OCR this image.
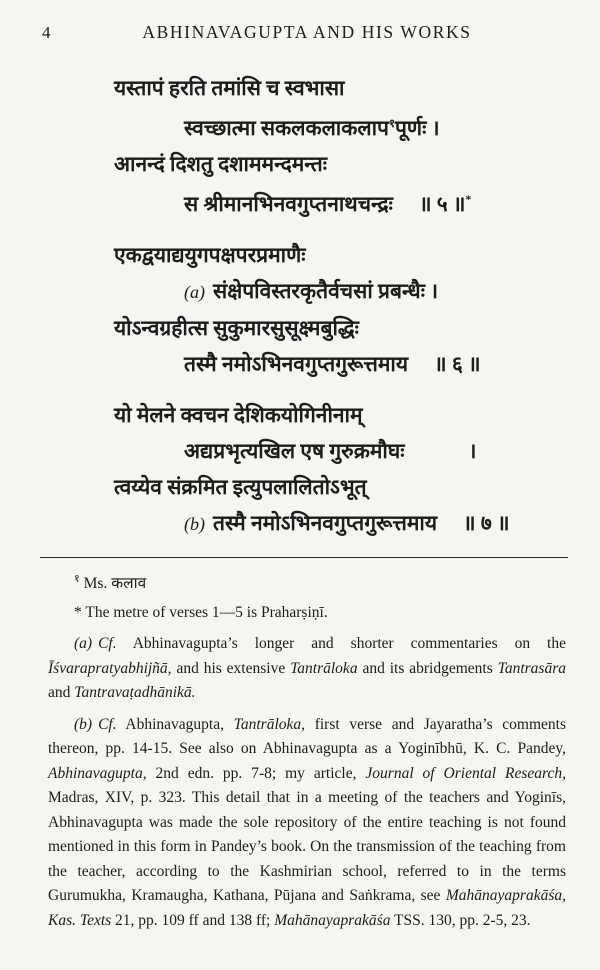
4	ABHINAVAGUPTA AND HIS WORKS
यस्तापं हरति तमांसि च स्वभासा
स्वच्छात्मा सकलकलाकलाप$^१$पूर्णः ।
आनन्दं दिशतु दशाममन्दमन्तः
स श्रीमानभिनवगुप्तनाथचन्द्रः ॥ ५ ॥*
एकद्वयाद्ययुगपक्षपरप्रमाणैः
(a) संक्षेपविस्तरकृतैर्वचसां प्रबन्धैः ।
योऽन्वग्रहीत्स सुकुमारसुसूक्ष्मबुद्धिः
तस्मै नमोऽभिनवगुप्तगुरूत्तमाय ॥ ६ ॥
यो मेलने क्वचन देशिकयोगिनीनाम्
अद्यप्रभृत्यखिल एष गुरुक्रमौघः	।
त्वय्येव संक्रमित इत्युपलालितोऽभूत्
(b) तस्मै नमोऽभिनवगुप्तगुरूत्तमाय ॥ ७ ॥
$^१$ Ms. कलाव
* The metre of verses 1—5 is Praharṣiṇī.
(a) Cf. Abhinavagupta’s longer and shorter commentaries on the Īśvarapratyabhijñā, and his extensive Tantrāloka and its abridgements Tantrasāra and Tantravaṭadhānikā.
(b) Cf. Abhinavagupta, Tantrāloka, first verse and Jayaratha’s comments thereon, pp. 14-15. See also on Abhinavagupta as a Yoginībhū, K. C. Pandey, Abhinavagupta, 2nd edn. pp. 7-8; my article, Journal of Oriental Research, Madras, XIV, p. 323. This detail that in a meeting of the teachers and Yoginīs, Abhinavagupta was made the sole repository of the entire teaching is not found mentioned in this form in Pandey’s book. On the transmission of the teaching from the teacher, according to the Kashmirian school, referred to in the terms Gurumukha, Kramaugha, Kathana, Pūjana and Saṅkrama, see Mahānayaprakāśa, Kas. Texts 21, pp. 109 ff and 138 ff; Mahānayaprakāśa TSS. 130, pp. 2-5, 23.
